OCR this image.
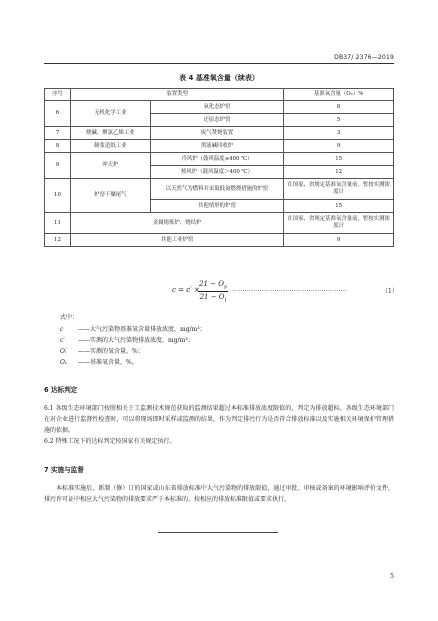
DB37/ 2376—2019
表 4 基准氧含量（续表）
序号	装置类型		基准氧含量（O₂）%
6	无机化学工业	氧化态炉窑	8
		还原态炉窑	5
7	烧碱、聚氯乙烯工业	废气焚烧装置	3
8	制浆造纸工业	黑液碱回收炉	9
9	冲天炉	冷风炉（鼓风温度≤400 ℃）	15
		热风炉（鼓风温度＞400 ℃）	12
10	炉窑干燥尾气	以天然气为燃料并采取低氮燃烧措施的炉窑	在国家、省规定基准氧含量前，暂按实测浓度计
		其他情形的炉窑	15
11	金属熔炼炉、烧结炉		在国家、省规定基准氧含量前，暂按实测浓度计
12	其他工业炉窑		9
c = c′ ×
$\frac{21 - O_s}{21 - O_i}$ ………………………………………………	（1）
式中：
c ——大气污染物基准氧含量排放浓度，mg/m³；
c′ ——实测的大气污染物排放浓度，mg/m³；
Oᵢ′ ——实测的氧含量，%；
Oₛ ——基准氧含量，%。
6 达标判定

6.1 各级生态环境部门按照相关于工监测技术规范获取的监测结果超过本标准排放浓度限值的，判定为排放超标。各级生态环境部门在对企业进行监督性检查时，可以将现场即时采样或监测的结果，作为判定排污行为是否符合排放标准以及实施相关环境保护管理措施的依据。

6.2 特殊工况下的达标判定按国家有关规定执行。

7 实施与监督

本标准实施后，新制（修）订的国家或山东省排放标准中大气污染物的排放限值，通过审批、审核或备案的环境影响评价文件，排污许可证中相应大气污染物的排放要求严于本标准的，按相应的排放标准限值或要求执行。

5
